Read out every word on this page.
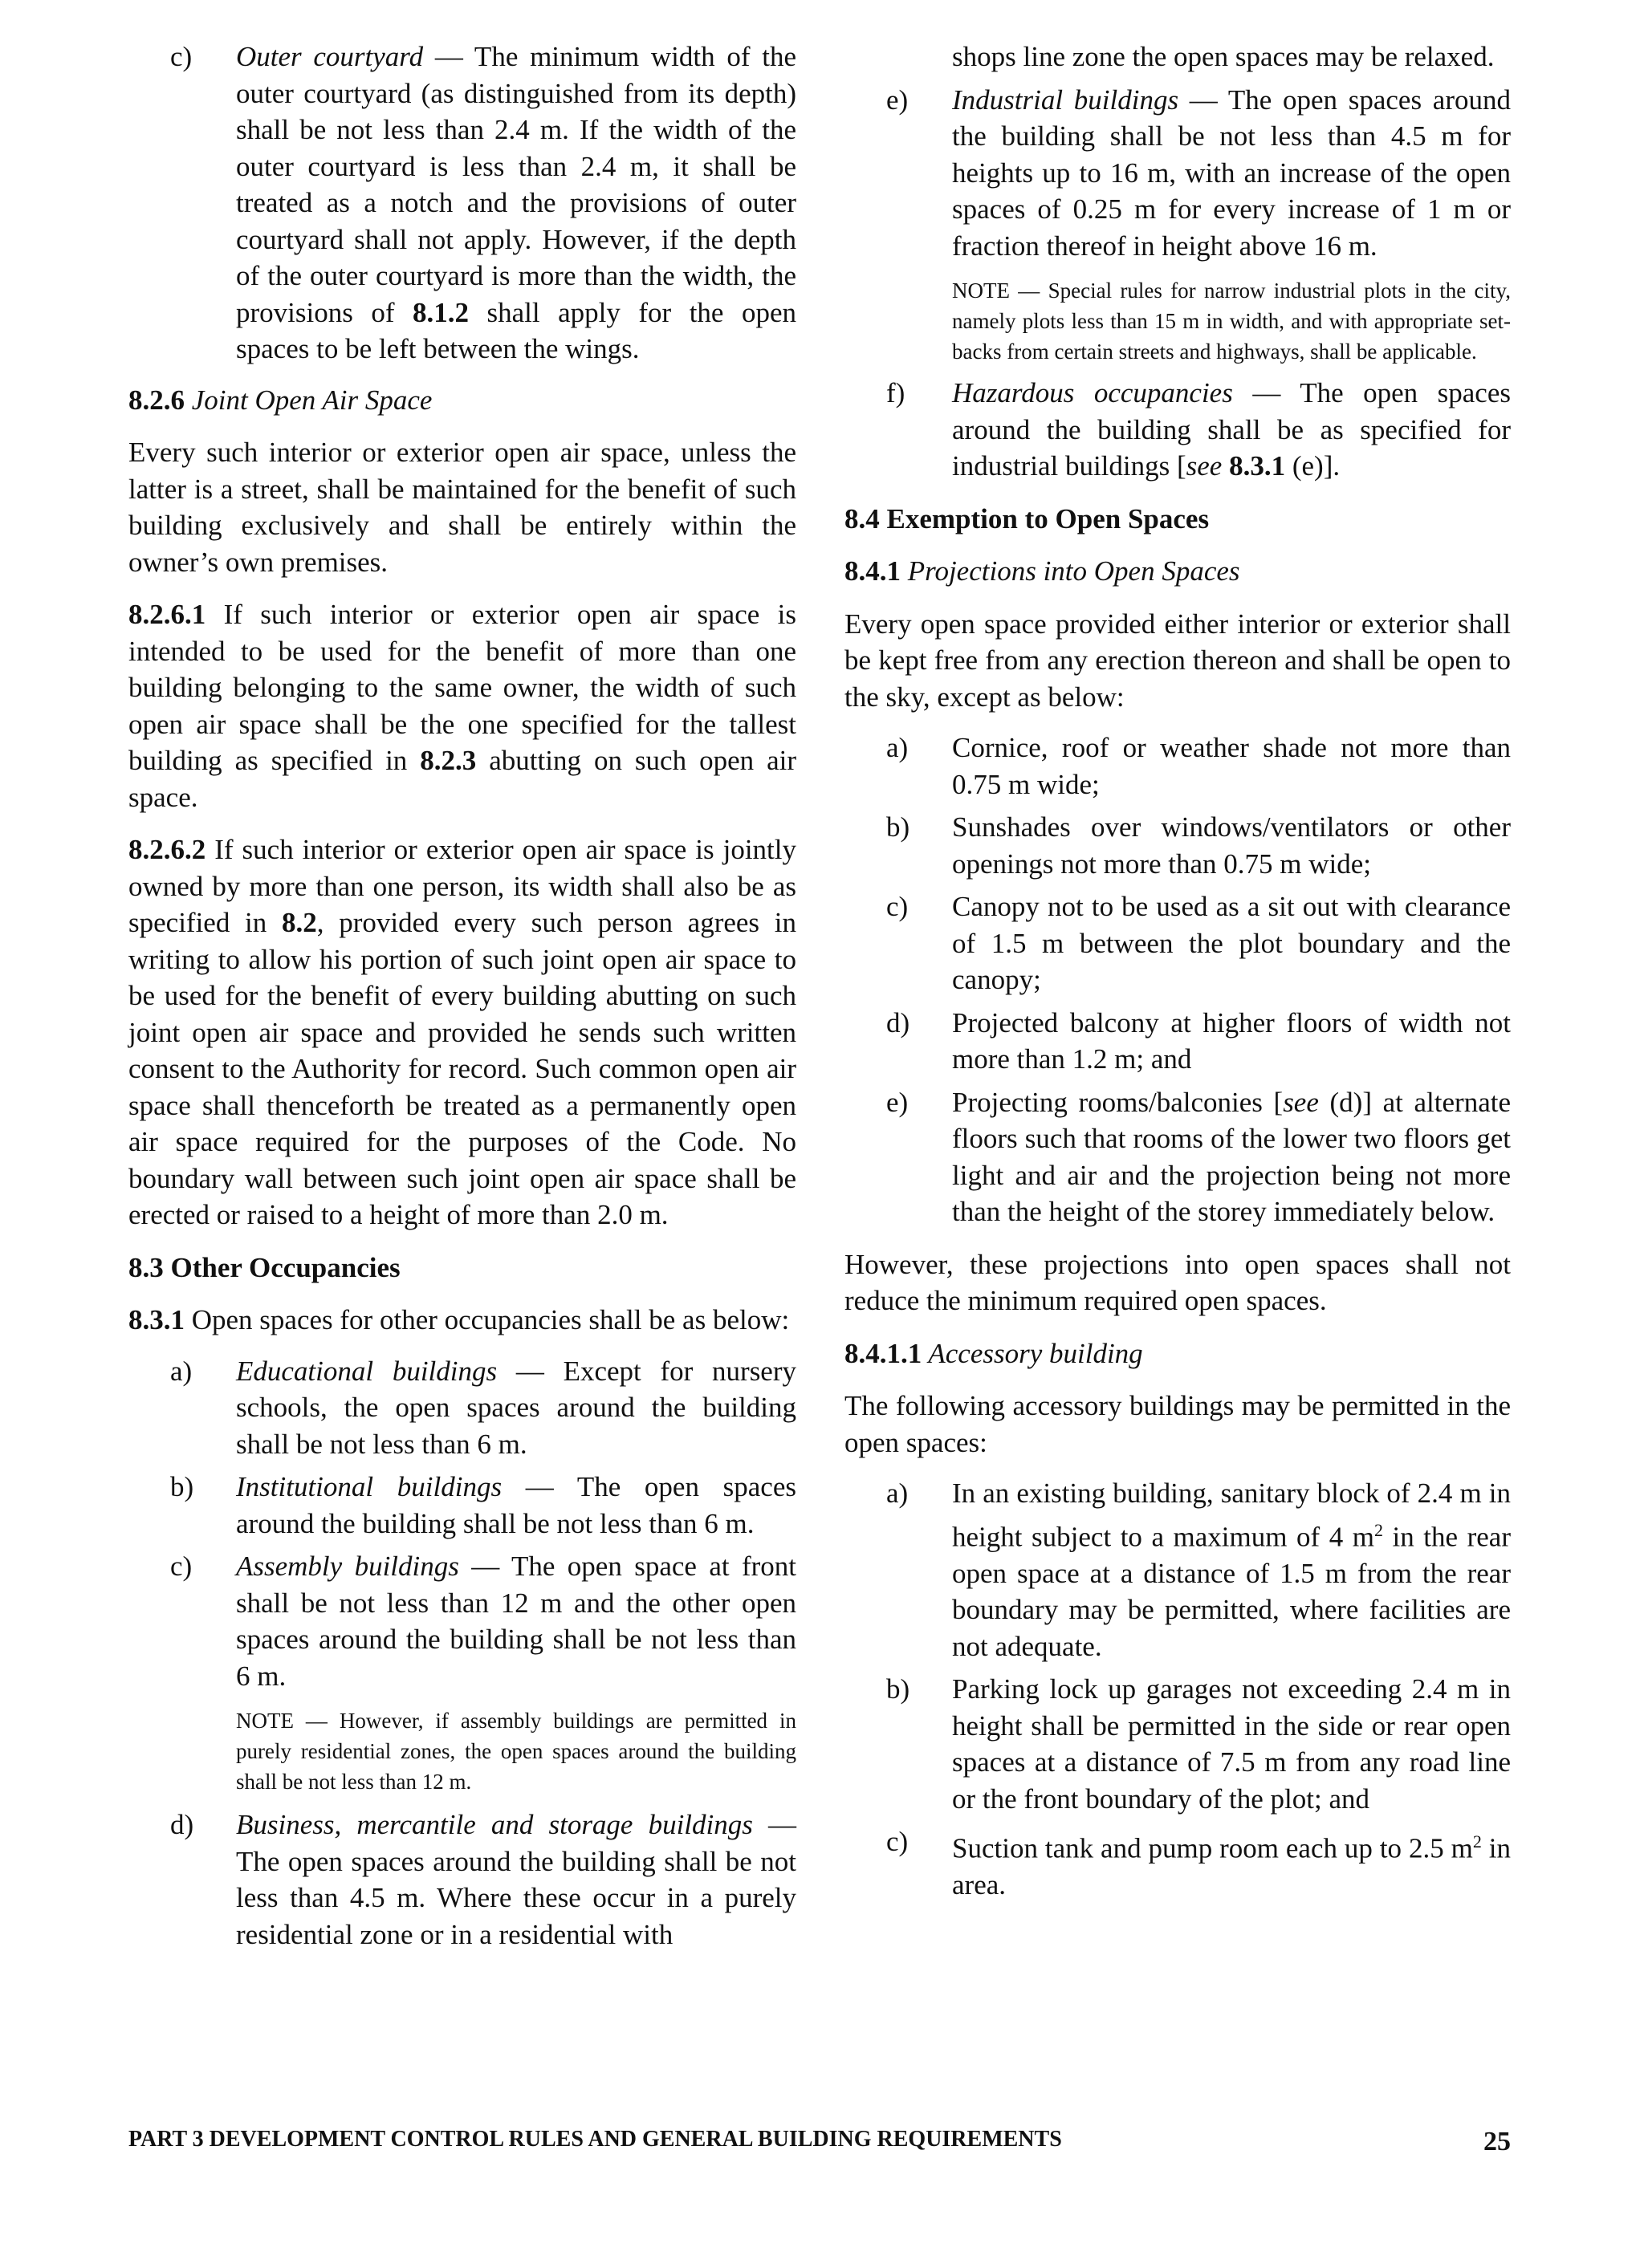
c)	Outer courtyard — The minimum width of the outer courtyard (as distinguished from its depth) shall be not less than 2.4 m. If the width of the outer courtyard is less than 2.4 m, it shall be treated as a notch and the provisions of outer courtyard shall not apply. However, if the depth of the outer courtyard is more than the width, the provisions of 8.1.2 shall apply for the open spaces to be left between the wings.

8.2.6 Joint Open Air Space

Every such interior or exterior open air space, unless the latter is a street, shall be maintained for the benefit of such building exclusively and shall be entirely within the owner’s own premises.

8.2.6.1 If such interior or exterior open air space is intended to be used for the benefit of more than one building belonging to the same owner, the width of such open air space shall be the one specified for the tallest building as specified in 8.2.3 abutting on such open air space.

8.2.6.2 If such interior or exterior open air space is jointly owned by more than one person, its width shall also be as specified in 8.2, provided every such person agrees in writing to allow his portion of such joint open air space to be used for the benefit of every building abutting on such joint open air space and provided he sends such written consent to the Authority for record. Such common open air space shall thenceforth be treated as a permanently open air space required for the purposes of the Code. No boundary wall between such joint open air space shall be erected or raised to a height of more than 2.0 m.

8.3 Other Occupancies

8.3.1 Open spaces for other occupancies shall be as below:

a)	Educational buildings — Except for nursery schools, the open spaces around the building shall be not less than 6 m.
b)	Institutional buildings — The open spaces around the building shall be not less than 6 m.
c)	Assembly buildings — The open space at front shall be not less than 12 m and the other open spaces around the building shall be not less than 6 m.

NOTE — However, if assembly buildings are permitted in purely residential zones, the open spaces around the building shall be not less than 12 m.

d)	Business, mercantile and storage buildings — The open spaces around the building shall be not less than 4.5 m. Where these occur in a purely residential zone or in a residential with

shops line zone the open spaces may be relaxed.

e)	Industrial buildings — The open spaces around the building shall be not less than 4.5 m for heights up to 16 m, with an increase of the open spaces of 0.25 m for every increase of 1 m or fraction thereof in height above 16 m.

NOTE — Special rules for narrow industrial plots in the city, namely plots less than 15 m in width, and with appropriate set-backs from certain streets and highways, shall be applicable.

f)	Hazardous occupancies — The open spaces around the building shall be as specified for industrial buildings [see 8.3.1 (e)].

8.4 Exemption to Open Spaces

8.4.1 Projections into Open Spaces

Every open space provided either interior or exterior shall be kept free from any erection thereon and shall be open to the sky, except as below:

a)	Cornice, roof or weather shade not more than 0.75 m wide;
b)	Sunshades over windows/ventilators or other openings not more than 0.75 m wide;
c)	Canopy not to be used as a sit out with clearance of 1.5 m between the plot boundary and the canopy;
d)	Projected balcony at higher floors of width not more than 1.2 m; and
e)	Projecting rooms/balconies [see (d)] at alternate floors such that rooms of the lower two floors get light and air and the projection being not more than the height of the storey immediately below.

However, these projections into open spaces shall not reduce the minimum required open spaces.

8.4.1.1 Accessory building

The following accessory buildings may be permitted in the open spaces:

a)	In an existing building, sanitary block of 2.4 m in height subject to a maximum of 4 $m^2$ in the rear open space at a distance of 1.5 m from the rear boundary may be permitted, where facilities are not adequate.
b)	Parking lock up garages not exceeding 2.4 m in height shall be permitted in the side or rear open spaces at a distance of 7.5 m from any road line or the front boundary of the plot; and
c)	Suction tank and pump room each up to 2.5 $m^2$ in area.
PART 3 DEVELOPMENT CONTROL RULES AND GENERAL BUILDING REQUIREMENTS	25
